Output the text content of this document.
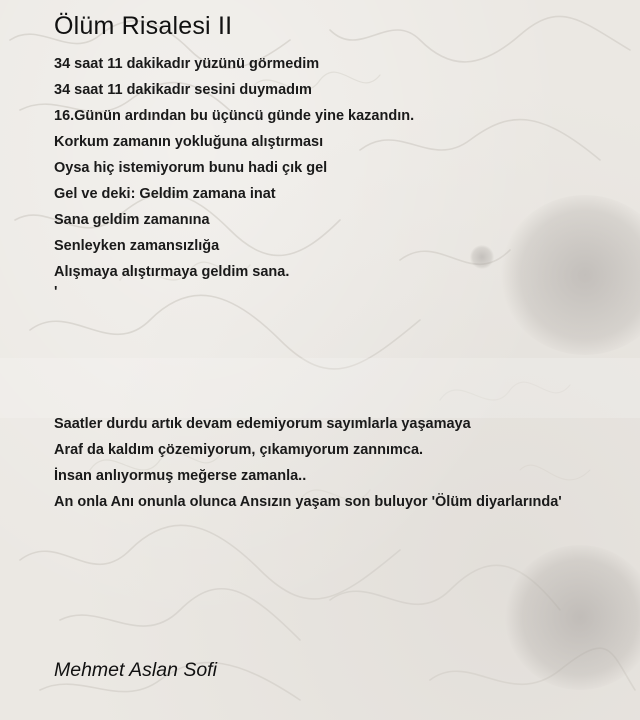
Ölüm Risalesi II
34 saat 11 dakikadır yüzünü görmedim
34 saat 11 dakikadır sesini duymadım
16.Günün ardından bu üçüncü günde yine kazandın.
Korkum zamanın yokluğuna alıştırması
Oysa hiç istemiyorum bunu hadi çık gel
Gel ve deki: Geldim zamana inat
Sana geldim zamanına
Senleyken zamansızlığa
Alışmaya alıştırmaya geldim sana.
'
Saatler durdu artık devam edemiyorum sayımlarla yaşamaya
Araf da kaldım çözemiyorum, çıkamıyorum zannımca.
İnsan anlıyormuş meğerse zamanla..
An onla Anı onunla olunca Ansızın yaşam son buluyor 'Ölüm diyarlarında'
Mehmet Aslan Sofi
